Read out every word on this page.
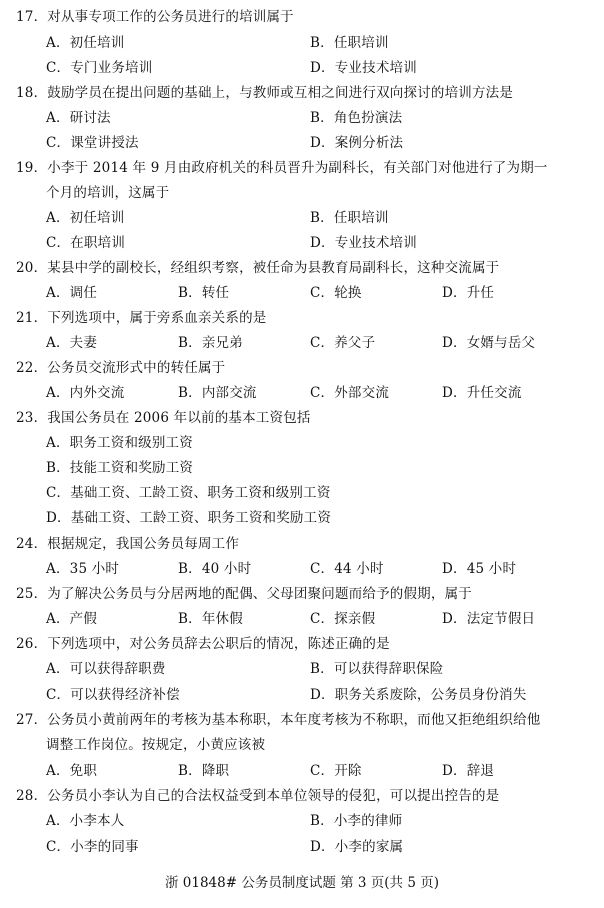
17．对从事专项工作的公务员进行的培训属于
A．初任培训	B．任职培训
C．专门业务培训	D．专业技术培训
18．鼓励学员在提出问题的基础上，与教师或互相之间进行双向探讨的培训方法是
A．研讨法	B．角色扮演法
C．课堂讲授法	D．案例分析法
19．小李于 2014 年 9 月由政府机关的科员晋升为副科长，有关部门对他进行了为期一
个月的培训，这属于
A．初任培训	B．任职培训
C．在职培训	D．专业技术培训
20．某县中学的副校长，经组织考察，被任命为县教育局副科长，这种交流属于
A．调任	B．转任	C．轮换	D．升任
21．下列选项中，属于旁系血亲关系的是
A．夫妻	B．亲兄弟	C．养父子	D．女婿与岳父
22．公务员交流形式中的转任属于
A．内外交流	B．内部交流	C．外部交流	D．升任交流
23．我国公务员在 2006 年以前的基本工资包括
A．职务工资和级别工资
B．技能工资和奖励工资
C．基础工资、工龄工资、职务工资和级别工资
D．基础工资、工龄工资、职务工资和奖励工资
24．根据规定，我国公务员每周工作
A．35 小时	B．40 小时	C．44 小时	D．45 小时
25．为了解决公务员与分居两地的配偶、父母团聚问题而给予的假期，属于
A．产假	B．年休假	C．探亲假	D．法定节假日
26．下列选项中，对公务员辞去公职后的情况，陈述正确的是
A．可以获得辞职费	B．可以获得辞职保险
C．可以获得经济补偿	D．职务关系废除，公务员身份消失
27．公务员小黄前两年的考核为基本称职，本年度考核为不称职，而他又拒绝组织给他
调整工作岗位。按规定，小黄应该被
A．免职	B．降职	C．开除	D．辞退
28．公务员小李认为自己的合法权益受到本单位领导的侵犯，可以提出控告的是
A．小李本人	B．小李的律师
C．小李的同事	D．小李的家属
浙 01848# 公务员制度试题 第 3 页(共 5 页)
